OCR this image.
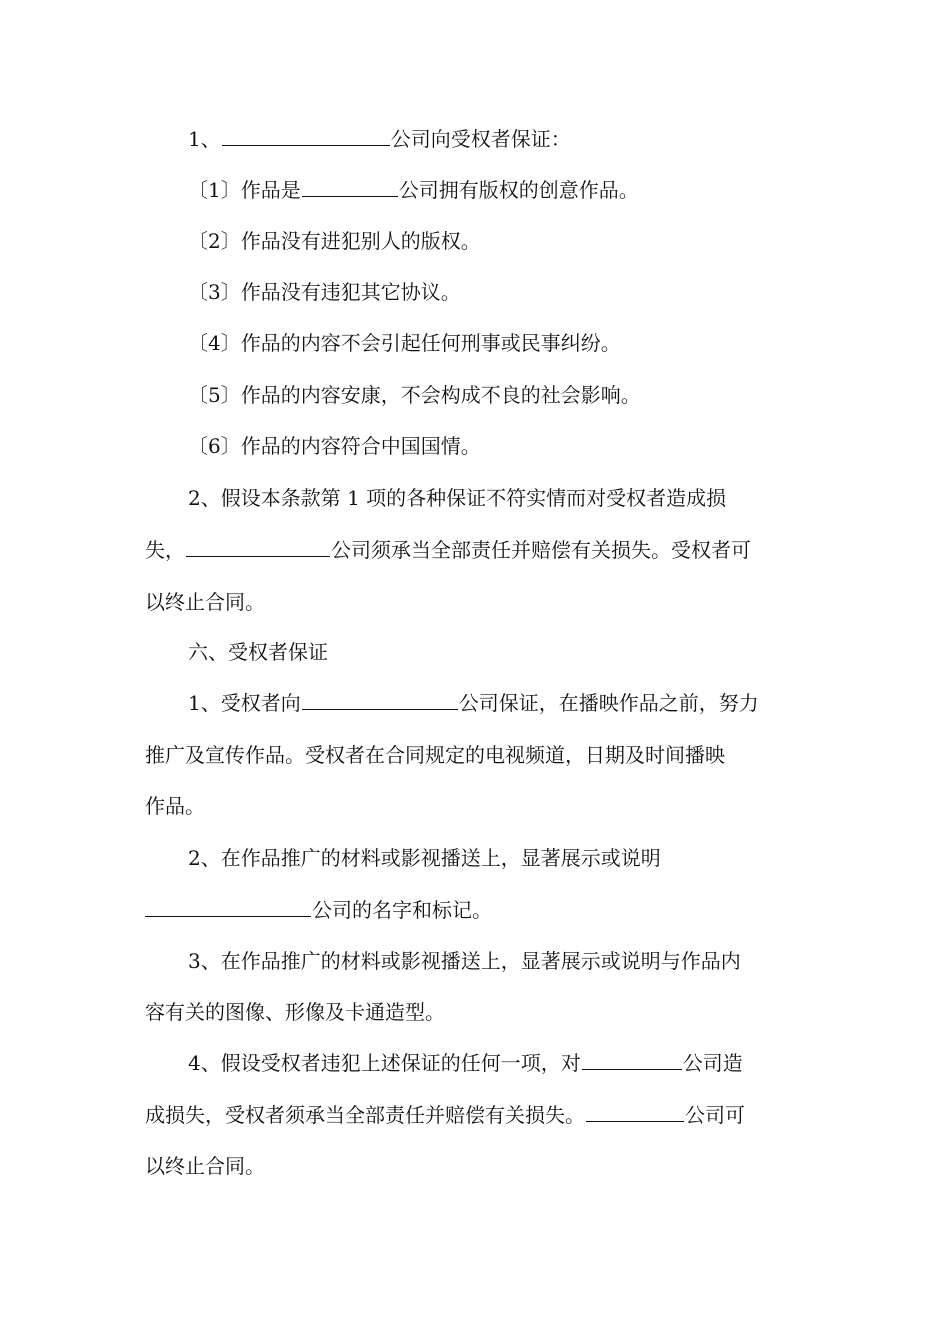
1、	公司向受权者保证：

〔1〕作品是	公司拥有版权的创意作品。

〔2〕作品没有进犯别人的版权。

〔3〕作品没有违犯其它协议。

〔4〕作品的内容不会引起任何刑事或民事纠纷。

〔5〕作品的内容安康，不会构成不良的社会影响。

〔6〕作品的内容符合中国国情。

2、假设本条款第 1 项的各种保证不符实情而对受权者造成损

失，	公司须承当全部责任并赔偿有关损失。受权者可

以终止合同。

六、受权者保证

1、受权者向	公司保证，在播映作品之前，努力

推广及宣传作品。受权者在合同规定的电视频道，日期及时间播映

作品。

2、在作品推广的材料或影视播送上，显著展示或说明

公司的名字和标记。

3、在作品推广的材料或影视播送上，显著展示或说明与作品内

容有关的图像、形像及卡通造型。

4、假设受权者违犯上述保证的任何一项，对	公司造

成损失，受权者须承当全部责任并赔偿有关损失。	公司可

以终止合同。
